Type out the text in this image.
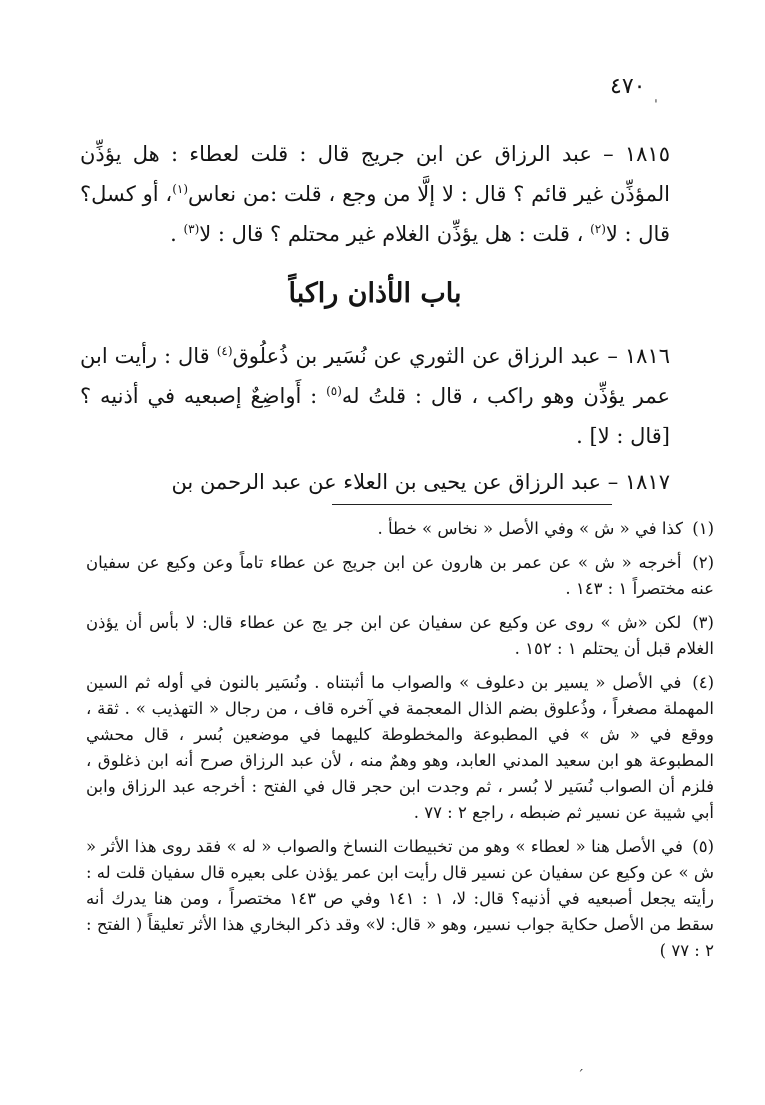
٤٧٠
١٨١٥ – عبد الرزاق عن ابن جريج قال : قلت لعطاء : هل يؤذِّن المؤذِّن غير قائم ؟ قال : لا إلَّا من وجع ، قلت :من نعاس$^{(١)}$، أو كسل؟ قال : لا$^{(٢)}$ ، قلت : هل يؤذِّن الغلام غير محتلم ؟ قال : لا$^{(٣)}$ .
باب الأذان راكباً
١٨١٦ – عبد الرزاق عن الثوري عن نُسَير بن ذُعلُوق$^{(٤)}$ قال : رأيت ابن عمر يؤذِّن وهو راكب ، قال : قلتُ له$^{(٥)}$ : أَواضِعٌ إصبعيه في أذنيه ؟ [قال : لا] .
١٨١٧ – عبد الرزاق عن يحيى بن العلاء عن عبد الرحمن بن

(١) كذا في « ش » وفي الأصل « نخاس » خطأ .

(٢) أخرجه « ش » عن عمر بن هارون عن ابن جريج عن عطاء تاماً وعن وكيع عن سفيان عنه مختصراً ١ : ١٤٣ .

(٣) لكن «ش » روى عن وكيع عن سفيان عن ابن جر يج عن عطاء قال: لا بأس أن يؤذن الغلام قبل أن يحتلم ١ : ١٥٢ .

(٤) في الأصل « يسير بن دعلوف » والصواب ما أثبتناه . ونُسَير بالنون في أوله ثم السين المهملة مصغراً ، وذُعلوق بضم الذال المعجمة في آخره قاف ، من رجال « التهذيب » . ثقة ، ووقع في « ش » في المطبوعة والمخطوطة كليهما في موضعين بُسر ، قال محشي المطبوعة هو ابن سعيد المدني العابد، وهو وهمٌ منه ، لأن عبد الرزاق صرح أنه ابن ذغلوق ، فلزم أن الصواب نُسَير لا بُسر ، ثم وجدت ابن حجر قال في الفتح : أخرجه عبد الرزاق وابن أبي شيبة عن نسير ثم ضبطه ، راجع ٢ : ٧٧ .

(٥) في الأصل هنا « لعطاء » وهو من تخبيطات النساخ والصواب « له » فقد روى هذا الأثر « ش » عن وكيع عن سفيان عن نسير قال رأيت ابن عمر يؤذن على بعيره قال سفيان قلت له : رأيته يجعل أصبعيه في أذنيه؟ قال: لا، ١ : ١٤١ وفي ص ١٤٣ مختصراً ، ومن هنا يدرك أنه سقط من الأصل حكاية جواب نسير، وهو « قال: لا» وقد ذكر البخاري هذا الأثر تعليقاً ( الفتح : ٢ : ٧٧ )

ˈ
ˊ
